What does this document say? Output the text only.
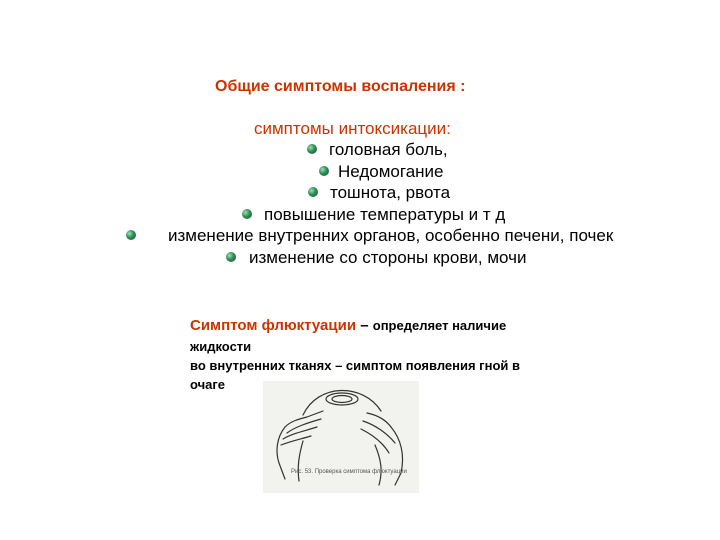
Общие симптомы воспаления :
симптомы интоксикации:
головная боль,
Недомогание
тошнота, рвота
повышение температуры и т д
изменение внутренних органов, особенно печени, почек
изменение со стороны крови, мочи
Симптом флюктуации – определяет наличие
жидкости
во внутренних тканях – симптом появления гной в
очаге
Рис. 53. Проверка симптома флюктуации
